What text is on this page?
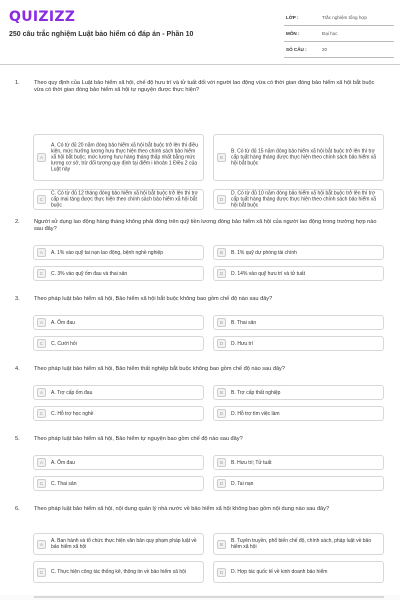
QUIZIZZ
250 câu trắc nghiệm Luật bảo hiểm có đáp án - Phần 10
LỚP :	Trắc nghiệm tổng hợp
MÔN :	Đại học
SỐ CÂU :	20
1.	Theo quy định của Luật bảo hiểm xã hội, chế độ hưu trí và tử tuất đối với người lao động vừa có thời gian đóng bảo hiểm xã hội bắt buộc vừa có thời gian đóng bảo hiểm xã hội tự nguyện được thực hiện?
A
A. Có từ đủ 20 năm đóng bảo hiểm xã hội bắt buộc trở lên thì điều kiện, mức hưởng lương hưu thực hiện theo chính sách bảo hiểm xã hội bắt buộc; mức lương hưu hàng tháng thấp nhất bằng mức lương cơ sở, trừ đối tượng quy định tại điểm i khoản 1 Điều 2 của Luật này
B
B. Có từ đủ 15 năm đóng bảo hiểm xã hội bắt buộc trở lên thì trợ cấp tuất hàng tháng được thực hiện theo chính sách bảo hiểm xã hội bắt buộc
C
C. Có từ đủ 12 tháng đóng bảo hiểm xã hội bắt buộc trở lên thì trợ cấp mai táng được thực hiện theo chính sách bảo hiểm xã hội bắt buộc
D
D. Có từ đủ 10 năm đóng bảo hiểm xã hội bắt buộc trở lên thì trợ cấp tuất hàng tháng được thực hiện theo chính sách bảo hiểm xã hội bắt buộc
2.	Người sử dụng lao động hàng tháng không phải đóng trên quỹ tiền lương đóng bảo hiểm xã hội của người lao động trong trường hợp nào sau đây?
A	A. 1% vào quỹ tai nạn lao động, bệnh nghề nghiệp	B	B. 1% quỹ dự phòng tài chính
C	C. 3% vào quỹ ốm đau và thai sản	D	D. 14% vào quỹ hưu trí và tử tuất
3.	Theo pháp luật bảo hiểm xã hội, Bảo hiểm xã hội bắt buộc không bao gồm chế độ nào sau đây?
A	A. Ốm đau	B	B. Thai sản
C	C. Cưới hỏi	D	D. Hưu trí
4.	Theo pháp luật bảo hiểm xã hội, Bảo hiểm thất nghiệp bắt buộc không bao gồm chế độ nào sau đây?
A	A. Trợ cấp ốm đau	B	B. Trợ cấp thất nghiệp
C	C. Hỗ trợ học nghề	D	D. Hỗ trợ tìm việc làm
5.	Theo pháp luật bảo hiểm xã hội, Bảo hiểm tự nguyện bao gồm chế độ nào sau đây?
A	A. Ốm đau	B	B. Hưu trí; Tử tuất
C	C. Thai sản	D	D. Tai nạn
6.	Theo pháp luật bảo hiểm xã hội, nội dung quản lý nhà nước về bảo hiểm xã hội không bao gồm nội dung nào sau đây?
A
A. Ban hành và tổ chức thực hiện văn bản quy phạm pháp luật về bảo hiểm xã hội	B
B. Tuyên truyền, phổ biến chế độ, chính sách, pháp luật về bảo hiểm xã hội
C	C. Thực hiện công tác thống kê, thông tin về bảo hiểm xã hội	D	D. Hợp tác quốc tế về kinh doanh bảo hiểm
